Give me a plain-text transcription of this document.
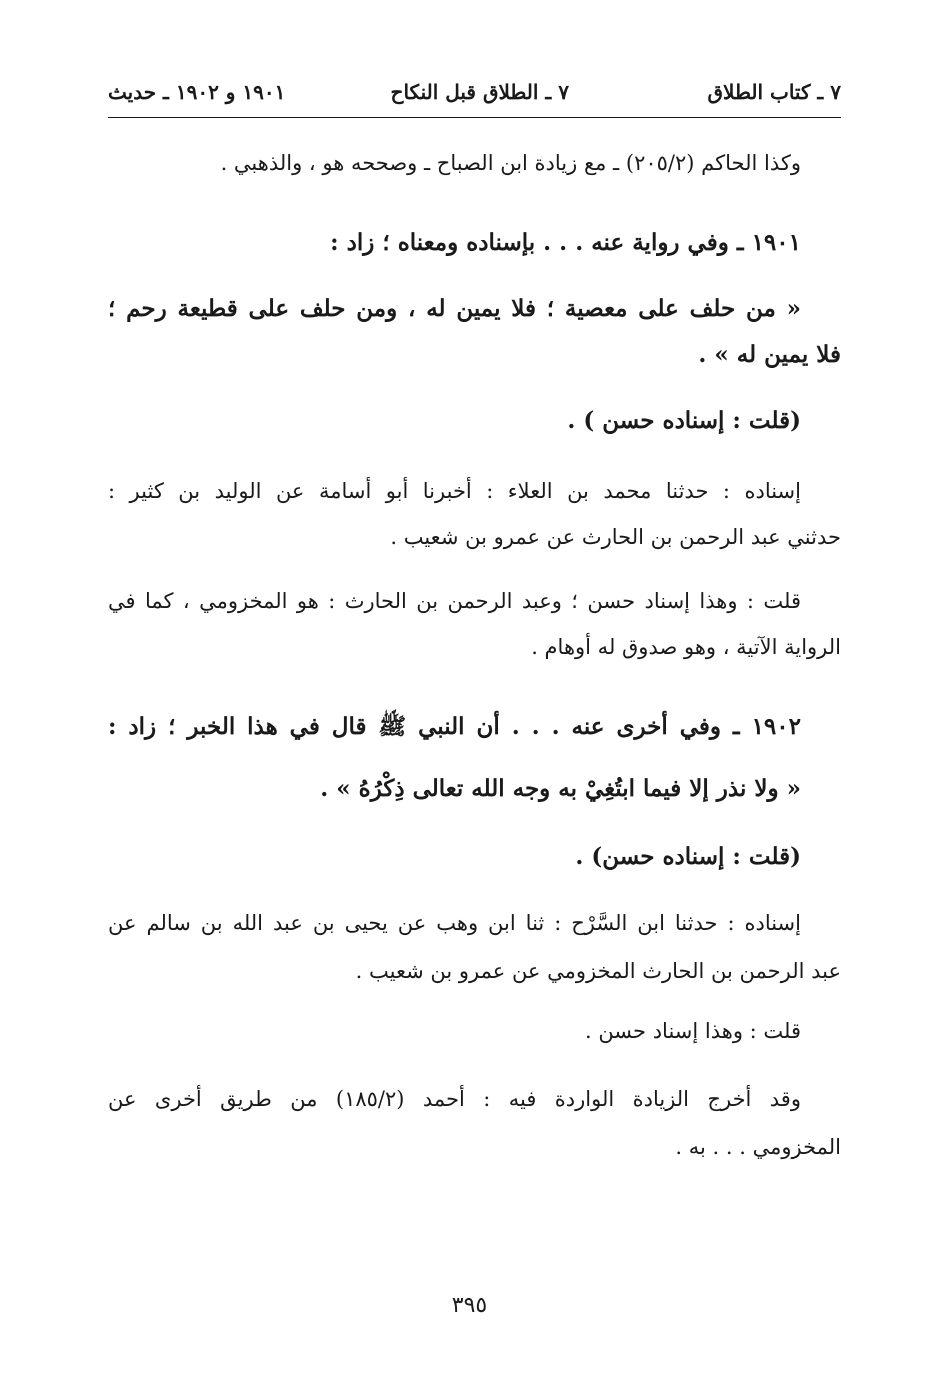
٧ ـ كتاب الطلاق
٧ ـ الطلاق قبل النكاح
١٩٠١ و ١٩٠٢ ـ حديث
وكذا الحاكم (٢٠٥/٢) ـ مع زيادة ابن الصباح ـ وصححه هو ، والذهبي .
١٩٠١ ـ وفي رواية عنه . . . بإسناده ومعناه ؛ زاد :
« من حلف على معصية ؛ فلا يمين له ، ومن حلف على قطيعة رحم ؛
فلا يمين له » .
(قلت : إسناده حسن ) .
إسناده : حدثنا محمد بن العلاء : أخبرنا أبو أسامة عن الوليد بن كثير :
حدثني عبد الرحمن بن الحارث عن عمرو بن شعيب .
قلت : وهذا إسناد حسن ؛ وعبد الرحمن بن الحارث : هو المخزومي ، كما في
الرواية الآتية ، وهو صدوق له أوهام .
١٩٠٢ ـ وفي أخرى عنه . . . أن النبي ﷺ قال في هذا الخبر ؛ زاد :
« ولا نذر إلا فيما ابتُغِيْ به وجه الله تعالى ذِكْرُهُ » .
(قلت : إسناده حسن) .
إسناده : حدثنا ابن السَّرْح : ثنا ابن وهب عن يحيى بن عبد الله بن سالم عن
عبد الرحمن بن الحارث المخزومي عن عمرو بن شعيب .
قلت : وهذا إسناد حسن .
وقد أخرج الزيادة الواردة فيه : أحمد (١٨٥/٢) من طريق أخرى عن
المخزومي . . . به .
٣٩٥
